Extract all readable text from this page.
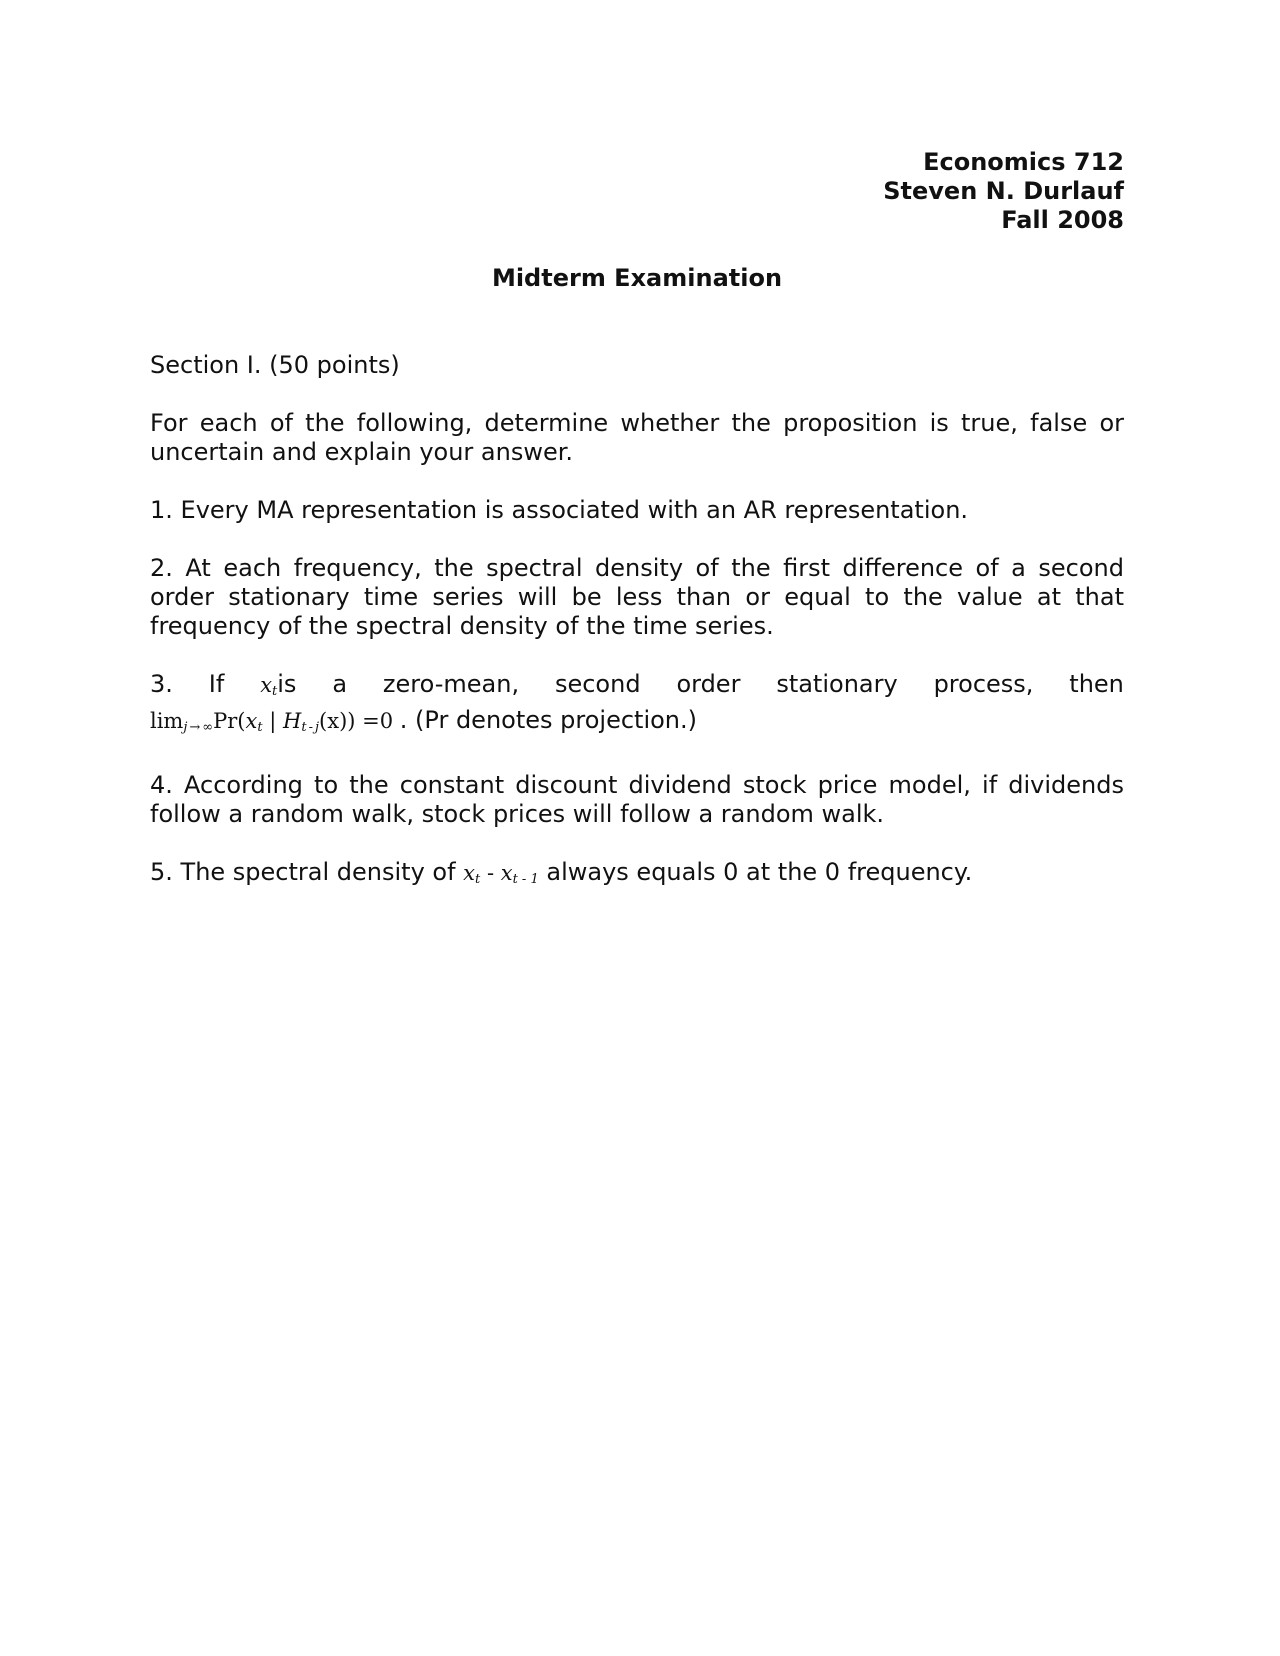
Economics 712
Steven N. Durlauf
Fall 2008
Midterm Examination
Section I. (50 points)
For each of the following, determine whether the proposition is true, false or uncertain and explain your answer.
1. Every MA representation is associated with an AR representation.
2. At each frequency, the spectral density of the first difference of a second order stationary time series will be less than or equal to the value at that frequency of the spectral density of the time series.
3. If $x_tis$ a zero-mean, second order stationary process, then
$\lim_{j \to \infty}Pr(x_t$ | $H_{t - j}(x)) =0$ . (Pr denotes projection.)
4. According to the constant discount dividend stock price model, if dividends follow a random walk, stock prices will follow a random walk.
5. The spectral density of $x_t - x_{t - 1}$ always equals 0 at the 0 frequency.
